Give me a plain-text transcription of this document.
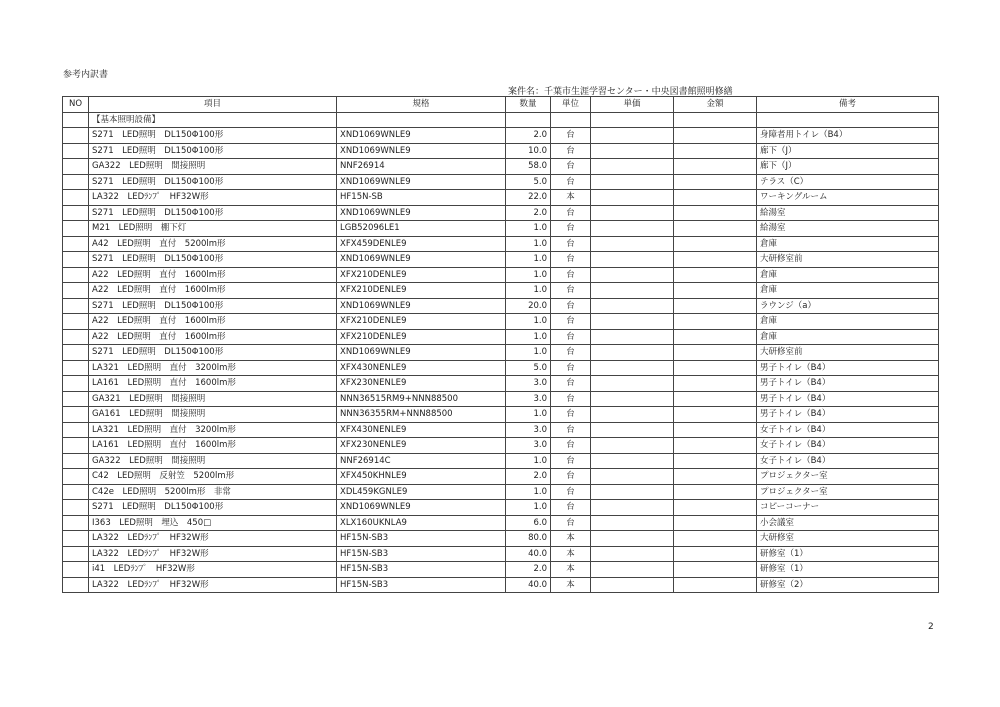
参考内訳書
案件名：千葉市生涯学習センター・中央図書館照明修繕
NO	項目	規格	数量	単位	単価	金額	備考
	【基本照明設備】						
	S271　LED照明　DL150Φ100形	XND1069WNLE9	2.0	台			身障者用トイレ（B4）
	S271　LED照明　DL150Φ100形	XND1069WNLE9	10.0	台			廊下（J）
	GA322　LED照明　間接照明	NNF26914	58.0	台			廊下（J）
	S271　LED照明　DL150Φ100形	XND1069WNLE9	5.0	台			テラス（C）
	LA322　LEDﾗﾝﾌﾟ　HF32W形	HF15N-SB	22.0	本			ワーキングルーム
	S271　LED照明　DL150Φ100形	XND1069WNLE9	2.0	台			給湯室
	M21　LED照明　棚下灯	LGB52096LE1	1.0	台			給湯室
	A42　LED照明　直付　5200lm形	XFX459DENLE9	1.0	台			倉庫
	S271　LED照明　DL150Φ100形	XND1069WNLE9	1.0	台			大研修室前
	A22　LED照明　直付　1600lm形	XFX210DENLE9	1.0	台			倉庫
	A22　LED照明　直付　1600lm形	XFX210DENLE9	1.0	台			倉庫
	S271　LED照明　DL150Φ100形	XND1069WNLE9	20.0	台			ラウンジ（a）
	A22　LED照明　直付　1600lm形	XFX210DENLE9	1.0	台			倉庫
	A22　LED照明　直付　1600lm形	XFX210DENLE9	1.0	台			倉庫
	S271　LED照明　DL150Φ100形	XND1069WNLE9	1.0	台			大研修室前
	LA321　LED照明　直付　3200lm形	XFX430NENLE9	5.0	台			男子トイレ（B4）
	LA161　LED照明　直付　1600lm形	XFX230NENLE9	3.0	台			男子トイレ（B4）
	GA321　LED照明　間接照明	NNN36515RM9+NNN88500	3.0	台			男子トイレ（B4）
	GA161　LED照明　間接照明	NNN36355RM+NNN88500	1.0	台			男子トイレ（B4）
	LA321　LED照明　直付　3200lm形	XFX430NENLE9	3.0	台			女子トイレ（B4）
	LA161　LED照明　直付　1600lm形	XFX230NENLE9	3.0	台			女子トイレ（B4）
	GA322　LED照明　間接照明	NNF26914C	1.0	台			女子トイレ（B4）
	C42　LED照明　反射笠　5200lm形	XFX450KHNLE9	2.0	台			プロジェクター室
	C42e　LED照明　5200lm形　非常	XDL459KGNLE9	1.0	台			プロジェクター室
	S271　LED照明　DL150Φ100形	XND1069WNLE9	1.0	台			コピーコーナー
	I363　LED照明　埋込　450□	XLX160UKNLA9	6.0	台			小会議室
	LA322　LEDﾗﾝﾌﾟ　HF32W形	HF15N-SB3	80.0	本			大研修室
	LA322　LEDﾗﾝﾌﾟ　HF32W形	HF15N-SB3	40.0	本			研修室（1）
	i41　LEDﾗﾝﾌﾟ　HF32W形	HF15N-SB3	2.0	本			研修室（1）
	LA322　LEDﾗﾝﾌﾟ　HF32W形	HF15N-SB3	40.0	本			研修室（2）
2
